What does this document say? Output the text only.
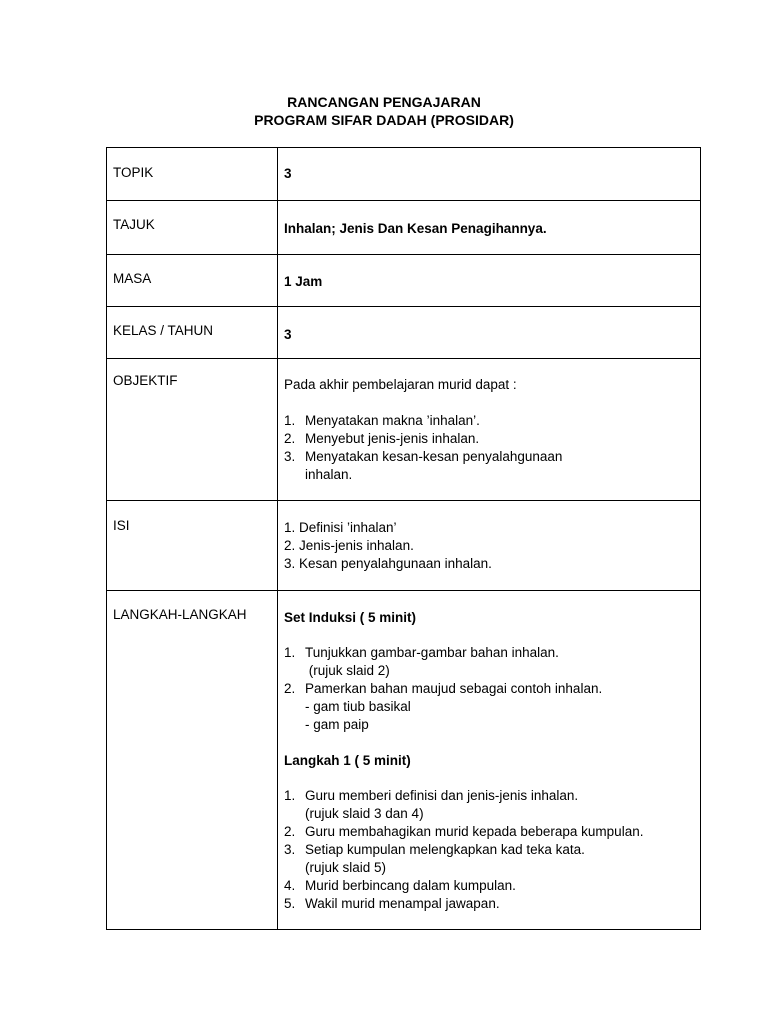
RANCANGAN PENGAJARAN
PROGRAM SIFAR DADAH (PROSIDAR)
TOPIK	3
TAJUK	Inhalan; Jenis Dan Kesan Penagihannya.
MASA	1 Jam
KELAS / TAHUN	3
OBJEKTIF	Pada akhir pembelajaran murid dapat :
1. Menyatakan makna ’inhalan’.
2. Menyebut jenis-jenis inhalan.
3. Menyatakan kesan-kesan penyalahgunaan
inhalan.
ISI	1. Definisi ’inhalan’
2. Jenis-jenis inhalan.
3. Kesan penyalahgunaan inhalan.
LANGKAH-LANGKAH	Set Induksi ( 5 minit)
1. Tunjukkan gambar-gambar bahan inhalan.
(rujuk slaid 2)
2. Pamerkan bahan maujud sebagai contoh inhalan.
- gam tiub basikal
- gam paip
Langkah 1 ( 5 minit)
1. Guru memberi definisi dan jenis-jenis inhalan.
(rujuk slaid 3 dan 4)
2. Guru membahagikan murid kepada beberapa kumpulan.
3. Setiap kumpulan melengkapkan kad teka kata.
(rujuk slaid 5)
4. Murid berbincang dalam kumpulan.
5. Wakil murid menampal jawapan.
